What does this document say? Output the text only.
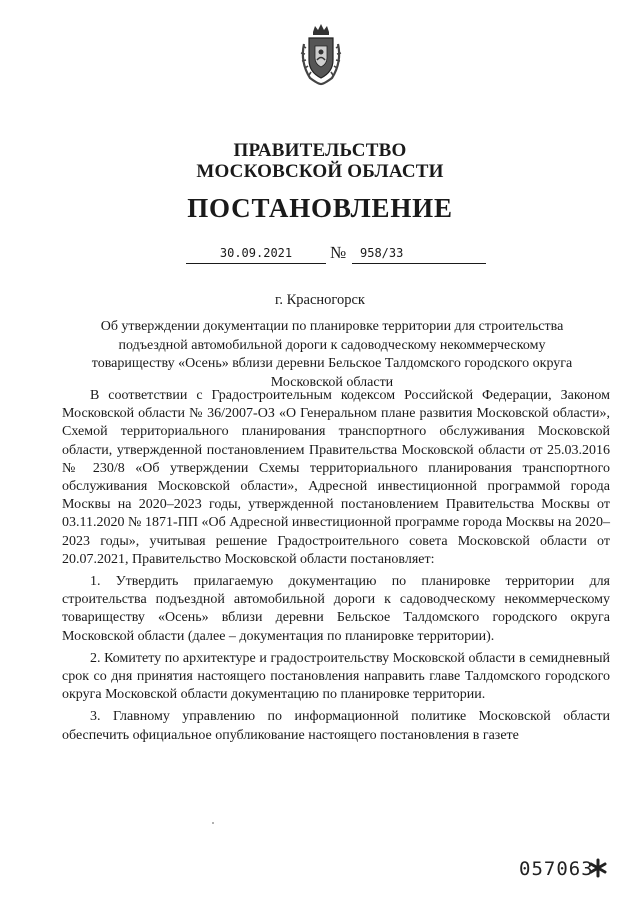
ПРАВИТЕЛЬСТВО

МОСКОВСКОЙ ОБЛАСТИ

ПОСТАНОВЛЕНИЕ

30.09.2021	№	958/33
г. Красногорск
Об утверждении документации по планировке территории для строительства подъездной автомобильной дороги к садоводческому некоммерческому товариществу «Осень» вблизи деревни Бельское Талдомского городского округа Московской области

В соответствии с Градостроительным кодексом Российской Федерации, Законом Московской области № 36/2007-ОЗ «О Генеральном плане развития Московской области», Схемой территориального планирования транспортного обслуживания Московской области, утвержденной постановлением Правительства Московской области от 25.03.2016 № 230/8 «Об утверждении Схемы территориального планирования транспортного обслуживания Московской области», Адресной инвестиционной программой города Москвы на 2020–2023 годы, утвержденной постановлением Правительства Москвы от 03.11.2020 № 1871-ПП «Об Адресной инвестиционной программе города Москвы на 2020–2023 годы», учитывая решение Градостроительного совета Московской области от 20.07.2021, Правительство Московской области постановляет:

1. Утвердить прилагаемую документацию по планировке территории для строительства подъездной автомобильной дороги к садоводческому некоммерческому товариществу «Осень» вблизи деревни Бельское Талдомского городского округа Московской области (далее – документация по планировке территории).

2. Комитету по архитектуре и градостроительству Московской области в семидневный срок со дня принятия настоящего постановления направить главе Талдомского городского округа Московской области документацию по планировке территории.

3. Главному управлению по информационной политике Московской области обеспечить официальное опубликование настоящего постановления в газете

057063
